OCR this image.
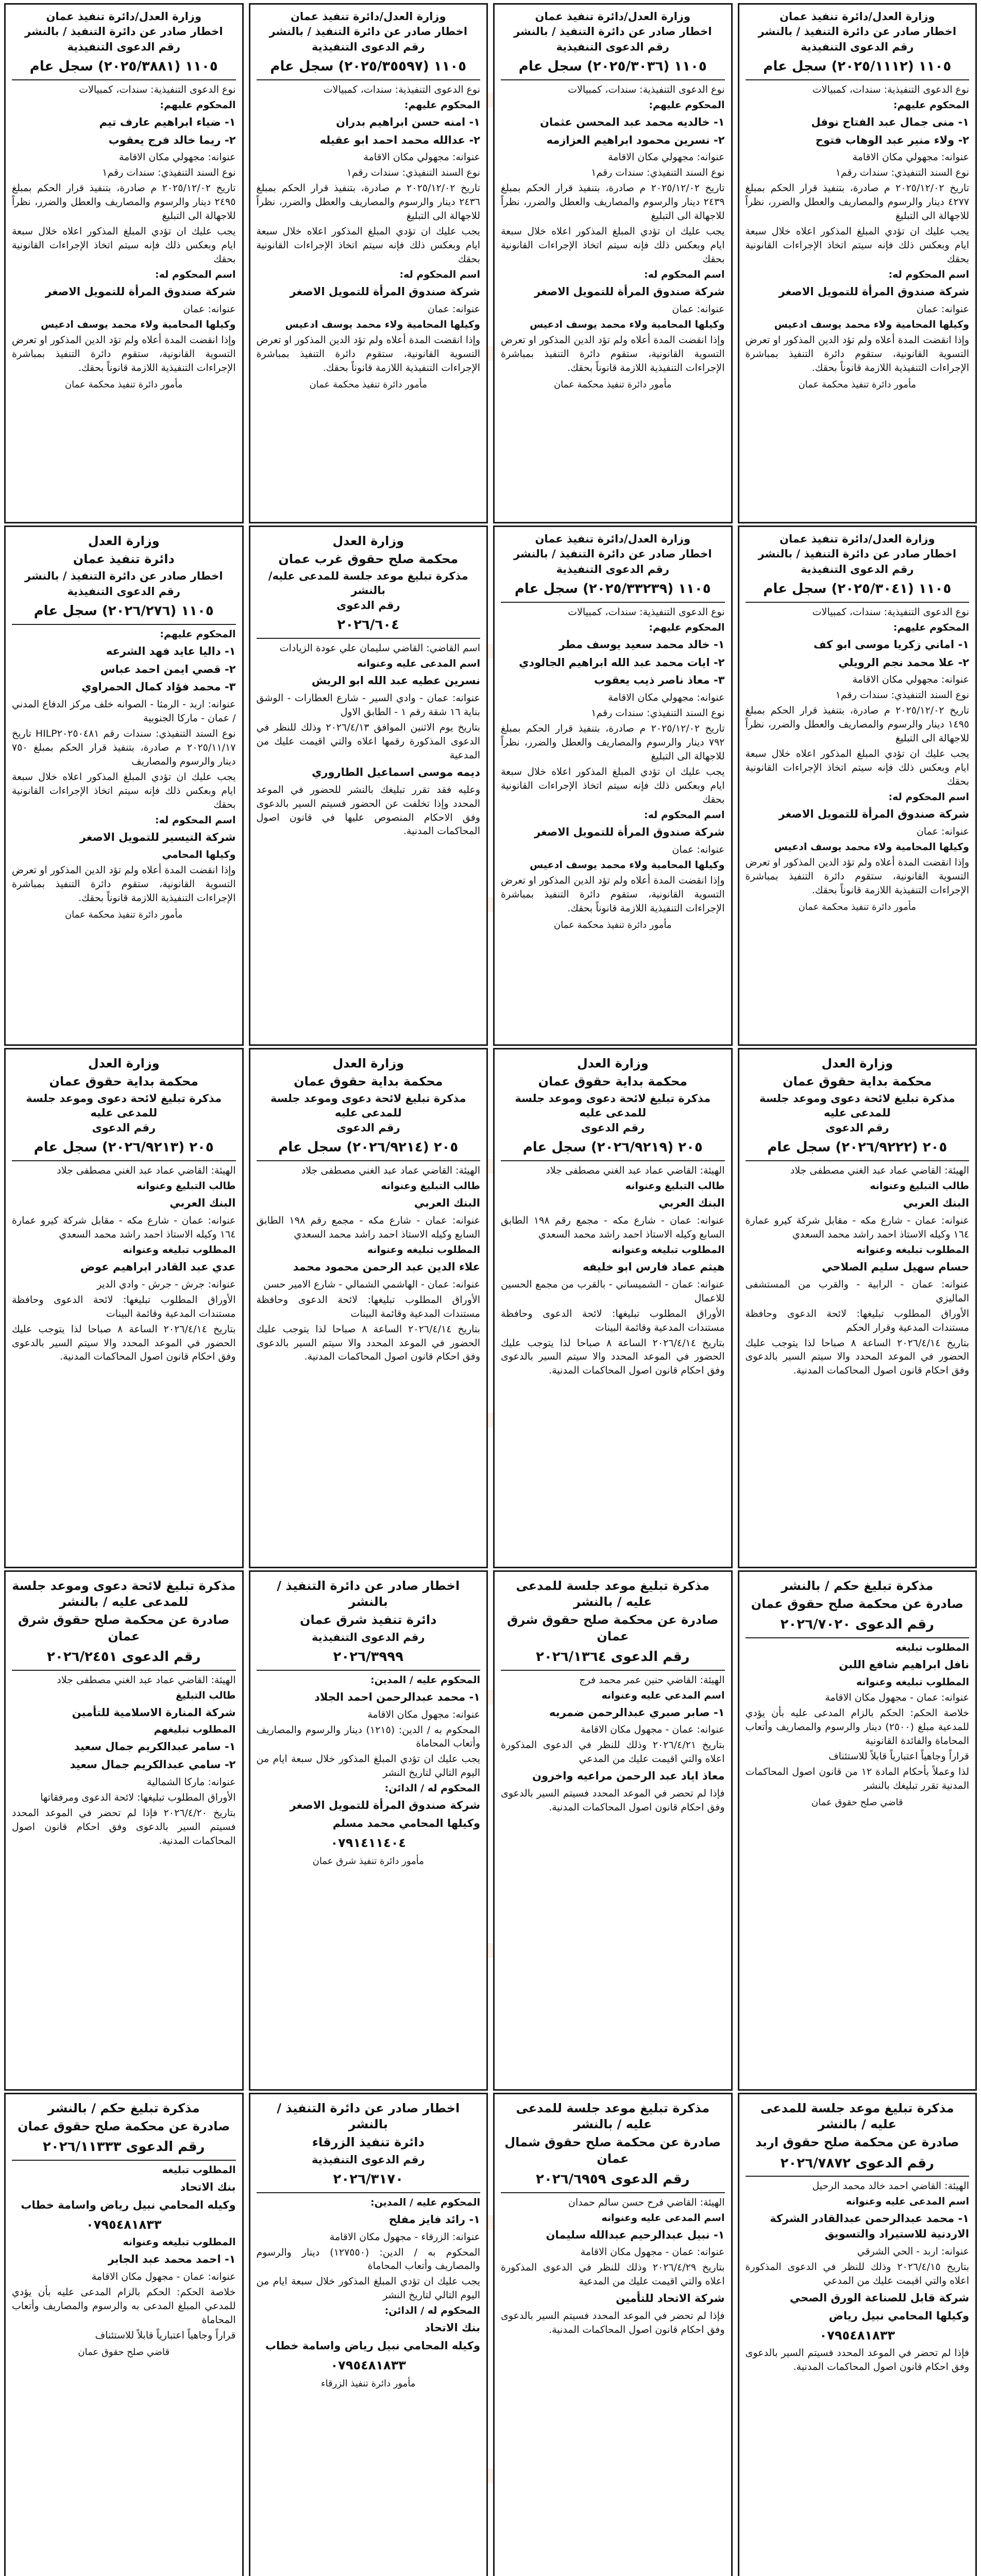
وزارة العدل/دائرة تنفيذ عمان
اخطار صادر عن دائرة التنفيذ / بالنشر
رقم الدعوى التنفيذية
١١٠٥ (٢٠٢٥/١١١٢) سجل عام
نوع الدعوى التنفيذية: سندات، كمبيالات
المحكوم عليهم:
١- منى جمال عبد الفتاح نوفل
٢- ولاء منير عبد الوهاب فتوح
عنوانه: مجهولي مكان الاقامة
نوع السند التنفيذي: سندات رقم١
تاريخ ٢٠٢٥/١٢/٠٢ م صادرة، بتنفيذ قرار الحكم بمبلغ ٤٢٧٧ دينار والرسوم والمصاريف والعطل والضرر، نظراً للاجهالة الى التبليغ
يجب عليك ان تؤدي المبلغ المذكور اعلاه خلال سبعة ايام وبعكس ذلك فإنه سيتم اتخاذ الإجراءات القانونية بحقك
اسم المحكوم له:
شركة صندوق المرأة للتمويل الاصغر
عنوانه: عمان
وكيلها المحامية ولاء محمد يوسف ادعيس
وإذا انقضت المدة أعلاه ولم تؤد الدين المذكور او تعرض التسوية القانونية، ستقوم دائرة التنفيذ بمباشرة الإجراءات التنفيذية اللازمة قانوناً بحقك.
مأمور دائرة تنفيذ محكمة عمان
وزارة العدل/دائرة تنفيذ عمان
اخطار صادر عن دائرة التنفيذ / بالنشر
رقم الدعوى التنفيذية
١١٠٥ (٢٠٢٥/٣٠٣٦) سجل عام
نوع الدعوى التنفيذية: سندات، كمبيالات
المحكوم عليهم:
١- خالديه محمد عبد المحسن عثمان
٢- نسرين محمود ابراهيم العزازمه
عنوانه: مجهولي مكان الاقامة
نوع السند التنفيذي: سندات رقم١
تاريخ ٢٠٢٥/١٢/٠٢ م صادرة، بتنفيذ قرار الحكم بمبلغ ٢٤٣٩ دينار والرسوم والمصاريف والعطل والضرر، نظراً للاجهالة الى التبليغ
يجب عليك ان تؤدي المبلغ المذكور اعلاه خلال سبعة ايام وبعكس ذلك فإنه سيتم اتخاذ الإجراءات القانونية بحقك
اسم المحكوم له:
شركة صندوق المرأة للتمويل الاصغر
عنوانه: عمان
وكيلها المحامية ولاء محمد يوسف ادعيس
وإذا انقضت المدة أعلاه ولم تؤد الدين المذكور او تعرض التسوية القانونية، ستقوم دائرة التنفيذ بمباشرة الإجراءات التنفيذية اللازمة قانوناً بحقك.
مأمور دائرة تنفيذ محكمة عمان
وزارة العدل/دائرة تنفيذ عمان
اخطار صادر عن دائرة التنفيذ / بالنشر
رقم الدعوى التنفيذية
١١٠٥ (٢٠٢٥/٣٥٥٩٧) سجل عام
نوع الدعوى التنفيذية: سندات، كمبيالات
المحكوم عليهم:
١- امنه حسن ابراهيم بدران
٢- عدالله محمد احمد ابو عقيله
عنوانه: مجهولي مكان الاقامة
نوع السند التنفيذي: سندات رقم١
تاريخ ٢٠٢٥/١٢/٠٢ م صادرة، بتنفيذ قرار الحكم بمبلغ ٢٤٣٦ دينار والرسوم والمصاريف والعطل والضرر، نظراً للاجهالة الى التبليغ
يجب عليك ان تؤدي المبلغ المذكور اعلاه خلال سبعة ايام وبعكس ذلك فإنه سيتم اتخاذ الإجراءات القانونية بحقك
اسم المحكوم له:
شركة صندوق المرأة للتمويل الاصغر
عنوانه: عمان
وكيلها المحامية ولاء محمد يوسف ادعيس
وإذا انقضت المدة أعلاه ولم تؤد الدين المذكور او تعرض التسوية القانونية، ستقوم دائرة التنفيذ بمباشرة الإجراءات التنفيذية اللازمة قانوناً بحقك.
مأمور دائرة تنفيذ محكمة عمان
وزارة العدل/دائرة تنفيذ عمان
اخطار صادر عن دائرة التنفيذ / بالنشر
رقم الدعوى التنفيذية
١١٠٥ (٢٠٢٥/٣٨٨١) سجل عام
نوع الدعوى التنفيذية: سندات، كمبيالات
المحكوم عليهم:
١- ضياء ابراهيم عارف تيم
٢- ريما خالد فرج يعقوب
عنوانه: مجهولي مكان الاقامة
نوع السند التنفيذي: سندات رقم١
تاريخ ٢٠٢٥/١٢/٠٢ م صادرة، بتنفيذ قرار الحكم بمبلغ ٢٤٩٥ دينار والرسوم والمصاريف والعطل والضرر، نظراً للاجهالة الى التبليغ
يجب عليك ان تؤدي المبلغ المذكور اعلاه خلال سبعة ايام وبعكس ذلك فإنه سيتم اتخاذ الإجراءات القانونية بحقك
اسم المحكوم له:
شركة صندوق المرأة للتمويل الاصغر
عنوانه: عمان
وكيلها المحامية ولاء محمد يوسف ادعيس
وإذا انقضت المدة أعلاه ولم تؤد الدين المذكور او تعرض التسوية القانونية، ستقوم دائرة التنفيذ بمباشرة الإجراءات التنفيذية اللازمة قانوناً بحقك.
مأمور دائرة تنفيذ محكمة عمان
وزارة العدل/دائرة تنفيذ عمان
اخطار صادر عن دائرة التنفيذ / بالنشر
رقم الدعوى التنفيذية
١١٠٥ (٢٠٢٥/٣٠٤١) سجل عام
نوع الدعوى التنفيذية: سندات، كمبيالات
المحكوم عليهم:
١- اماني زكريا موسى ابو كف
٢- علا محمد نجم الرويلي
عنوانه: مجهولي مكان الاقامة
نوع السند التنفيذي: سندات رقم١
تاريخ ٢٠٢٥/١٢/٠٢ م صادرة، بتنفيذ قرار الحكم بمبلغ ١٤٩٥ دينار والرسوم والمصاريف والعطل والضرر، نظراً للاجهالة الى التبليغ
يجب عليك ان تؤدي المبلغ المذكور اعلاه خلال سبعة ايام وبعكس ذلك فإنه سيتم اتخاذ الإجراءات القانونية بحقك
اسم المحكوم له:
شركة صندوق المرأة للتمويل الاصغر
عنوانه: عمان
وكيلها المحامية ولاء محمد يوسف ادعيس
وإذا انقضت المدة أعلاه ولم تؤد الدين المذكور او تعرض التسوية القانونية، ستقوم دائرة التنفيذ بمباشرة الإجراءات التنفيذية اللازمة قانوناً بحقك.
مأمور دائرة تنفيذ محكمة عمان
وزارة العدل/دائرة تنفيذ عمان
اخطار صادر عن دائرة التنفيذ / بالنشر
رقم الدعوى التنفيذية
١١٠٥ (٢٠٢٥/٣٣٢٣٩) سجل عام
نوع الدعوى التنفيذية: سندات، كمبيالات
المحكوم عليهم:
١- خالد محمد سعيد يوسف مطر
٢- ايات محمد عبد الله ابراهيم الجالودي
٣- معاذ ناصر ذيب يعقوب
عنوانه: مجهولي مكان الاقامة
نوع السند التنفيذي: سندات رقم١
تاريخ ٢٠٢٥/١٢/٠٢ م صادرة، بتنفيذ قرار الحكم بمبلغ ٧٩٢ دينار والرسوم والمصاريف والعطل والضرر، نظراً للاجهالة الى التبليغ
يجب عليك ان تؤدي المبلغ المذكور اعلاه خلال سبعة ايام وبعكس ذلك فإنه سيتم اتخاذ الإجراءات القانونية بحقك
اسم المحكوم له:
شركة صندوق المرأة للتمويل الاصغر
عنوانه: عمان
وكيلها المحامية ولاء محمد يوسف ادعيس
وإذا انقضت المدة أعلاه ولم تؤد الدين المذكور او تعرض التسوية القانونية، ستقوم دائرة التنفيذ بمباشرة الإجراءات التنفيذية اللازمة قانوناً بحقك.
مأمور دائرة تنفيذ محكمة عمان
وزارة العدل
محكمة صلح حقوق غرب عمان
مذكرة تبليغ موعد جلسة للمدعى عليه/بالنشر
رقم الدعوى
٢٠٢٦/٦٠٤
اسم القاضي: القاضي سليمان علي عودة الزيادات
اسم المدعى عليه وعنوانه
نسرين عطيه عبد الله ابو الريش
عنوانه: عمان - وادي السير - شارع العطارات - الوشق بناية ١٦ شقة رقم ١ - الطابق الاول
بتاريخ يوم الاثنين الموافق ٢٠٢٦/٤/١٣ وذلك للنظر في الدعوى المذكورة رقمها اعلاه والتي اقيمت عليك من المدعية
ديمه موسى اسماعيل الطاروري
وعليه فقد تقرر تبليغك بالنشر للحضور في الموعد المحدد وإذا تخلفت عن الحضور فسيتم السير بالدعوى وفق الاحكام المنصوص عليها في قانون اصول المحاكمات المدنية.
وزارة العدل
دائرة تنفيذ عمان
اخطار صادر عن دائرة التنفيذ / بالنشر
رقم الدعوى التنفيذية
١١٠٥ (٢٠٢٦/٢٧٦) سجل عام
المحكوم عليهم:
١- داليا عايد فهد الشرعه
٢- قصي ايمن احمد عباس
٣- محمد فؤاد كمال الحمراوي
عنوانه: اربد - الرمثا - الصوانه خلف مركز الدفاع المدني / عمان - ماركا الجنوبية
نوع السند التنفيذي: سندات رقم HILP٢٠٢٥٠٤٨١ تاريخ ٢٠٢٥/١١/١٧ م صادرة، بتنفيذ قرار الحكم بمبلغ ٧٥٠ دينار والرسوم والمصاريف
يجب عليك ان تؤدي المبلغ المذكور اعلاه خلال سبعة ايام وبعكس ذلك فإنه سيتم اتخاذ الإجراءات القانونية بحقك
اسم المحكوم له:
شركة التيسير للتمويل الاصغر
وكيلها المحامي
وإذا انقضت المدة أعلاه ولم تؤد الدين المذكور او تعرض التسوية القانونية، ستقوم دائرة التنفيذ بمباشرة الإجراءات التنفيذية اللازمة قانوناً بحقك.
مأمور دائرة تنفيذ محكمة عمان
وزارة العدل
محكمة بداية حقوق عمان
مذكرة تبليغ لائحة دعوى وموعد جلسة للمدعى عليه
رقم الدعوى
٢٠٥ (٢٠٢٦/٩٢٢٢) سجل عام
الهيئة: القاضي عماد عبد الغني مصطفى جلاد
طالب التبليغ وعنوانه
البنك العربي
عنوانه: عمان - شارع مكه - مقابل شركة كيرو عمارة ١٦٤ وكيله الاستاذ احمد راشد محمد السعدي
المطلوب تبليغه وعنوانه
حسام سهيل سليم الصلاحي
عنوانه: عمان - الرابية - والقرب من المستشفى الماليزي
الأوراق المطلوب تبليغها: لائحة الدعوى وحافظة مستندات المدعية وقرار الحكم
بتاريخ ٢٠٢٦/٤/١٤ الساعة ٨ صباحا لذا يتوجب عليك الحضور في الموعد المحدد والا سيتم السير بالدعوى وفق احكام قانون اصول المحاكمات المدنية.
وزارة العدل
محكمة بداية حقوق عمان
مذكرة تبليغ لائحة دعوى وموعد جلسة للمدعى عليه
رقم الدعوى
٢٠٥ (٢٠٢٦/٩٢١٩) سجل عام
الهيئة: القاضي عماد عبد الغني مصطفى جلاد
طالب التبليغ وعنوانه
البنك العربي
عنوانه: عمان - شارع مكه - مجمع رقم ١٩٨ الطابق السابع وكيله الاستاذ احمد راشد محمد السعدي
المطلوب تبليغه وعنوانه
هيثم عماد فارس ابو خليفه
عنوانه: عمان - الشميساني - بالقرب من مجمع الحسين للاعمال
الأوراق المطلوب تبليغها: لائحة الدعوى وحافظة مستندات المدعية وقائمة البينات
بتاريخ ٢٠٢٦/٤/١٤ الساعة ٨ صباحا لذا يتوجب عليك الحضور في الموعد المحدد والا سيتم السير بالدعوى وفق احكام قانون اصول المحاكمات المدنية.
وزارة العدل
محكمة بداية حقوق عمان
مذكرة تبليغ لائحة دعوى وموعد جلسة للمدعى عليه
رقم الدعوى
٢٠٥ (٢٠٢٦/٩٢١٤) سجل عام
الهيئة: القاضي عماد عبد الغني مصطفى جلاد
طالب التبليغ وعنوانه
البنك العربي
عنوانه: عمان - شارع مكه - مجمع رقم ١٩٨ الطابق السابع وكيله الاستاذ احمد راشد محمد السعدي
المطلوب تبليغه وعنوانه
علاء الدين عبد الرحمن محمود محمد
عنوانه: عمان - الهاشمي الشمالي - شارع الامير حسن
الأوراق المطلوب تبليغها: لائحة الدعوى وحافظة مستندات المدعية وقائمة البينات
بتاريخ ٢٠٢٦/٤/١٤ الساعة ٨ صباحا لذا يتوجب عليك الحضور في الموعد المحدد والا سيتم السير بالدعوى وفق احكام قانون اصول المحاكمات المدنية.
وزارة العدل
محكمة بداية حقوق عمان
مذكرة تبليغ لائحة دعوى وموعد جلسة للمدعى عليه
رقم الدعوى
٢٠٥ (٢٠٢٦/٩٢١٣) سجل عام
الهيئة: القاضي عماد عبد الغني مصطفى جلاد
طالب التبليغ وعنوانه
البنك العربي
عنوانه: عمان - شارع مكه - مقابل شركة كيرو عمارة ١٦٤ وكيله الاستاذ احمد راشد محمد السعدي
المطلوب تبليغه وعنوانه
عدي عبد القادر ابراهيم عوض
عنوانه: جرش - جرش - وادي الدير
الأوراق المطلوب تبليغها: لائحة الدعوى وحافظة مستندات المدعية وقائمة البينات
بتاريخ ٢٠٢٦/٤/١٤ الساعة ٨ صباحا لذا يتوجب عليك الحضور في الموعد المحدد والا سيتم السير بالدعوى وفق احكام قانون اصول المحاكمات المدنية.
مذكرة تبليغ حكم / بالنشر
صادرة عن محكمة صلح حقوق عمان
رقم الدعوى ٢٠٢٦/٧٠٢٠
المطلوب تبليغه
نافل ابراهيم شافع اللبن
المطلوب تبليغه وعنوانه
عنوانه: عمان - مجهول مكان الاقامة
خلاصة الحكم: الحكم بالزام المدعى عليه بأن يؤدي للمدعية مبلغ (٢٥٠٠) دينار والرسوم والمصاريف وأتعاب المحاماة والفائدة القانونية
قراراً وجاهياً اعتبارياً قابلاً للاستئناف
لذا وعملاً بأحكام المادة ١٢ من قانون اصول المحاكمات المدنية تقرر تبليغك بالنشر
قاضي صلح حقوق عمان
مذكرة تبليغ موعد جلسة للمدعى عليه / بالنشر
صادرة عن محكمة صلح حقوق شرق عمان
رقم الدعوى ٢٠٢٦/١٣٦٤
الهيئة: القاضي حنين عمر محمد فرج
اسم المدعي عليه وعنوانه
١- صابر صبري عبدالرحمن ضمريه
عنوانه: عمان - مجهول مكان الاقامة
بتاريخ ٢٠٢٦/٤/٢١ وذلك للنظر في الدعوى المذكورة اعلاه والتي اقيمت عليك من المدعي
معاذ اياد عبد الرحمن مراعيه واخرون
فإذا لم تحضر في الموعد المحدد فسيتم السير بالدعوى وفق احكام قانون اصول المحاكمات المدنية.
اخطار صادر عن دائرة التنفيذ / بالنشر
دائرة تنفيذ شرق عمان
رقم الدعوى التنفيذية
٢٠٢٦/٣٩٩٩
المحكوم عليه / المدين:
١- محمد عبدالرحمن احمد الجلاد
عنوانه: مجهول مكان الاقامة
المحكوم به / الدين: (١٢١٥) دينار والرسوم والمصاريف وأتعاب المحاماة
يجب عليك ان تؤدي المبلغ المذكور خلال سبعة ايام من اليوم التالي لتاريخ النشر
المحكوم له / الدائن:
شركة صندوق المرأة للتمويل الاصغر
وكيلها المحامي محمد مسلم
٠٧٩١٤١١٤٠٤
مأمور دائرة تنفيذ شرق عمان
مذكرة تبليغ لائحة دعوى وموعد جلسة للمدعى عليه / بالنشر
صادرة عن محكمة صلح حقوق شرق عمان
رقم الدعوى ٢٠٢٦/٢٤٥١
الهيئة: القاضي عماد عبد الغني مصطفى جلاد
طالب التبليغ
شركة المنارة الاسلامية للتأمين
المطلوب تبليغهم
١- سامر عبدالكريم جمال سعيد
٢- سامي عبدالكريم جمال سعيد
عنوانه: ماركا الشمالية
الأوراق المطلوب تبليغها: لائحة الدعوى ومرفقاتها
بتاريخ ٢٠٢٦/٤/٢٠ فإذا لم تحضر في الموعد المحدد فسيتم السير بالدعوى وفق احكام قانون اصول المحاكمات المدنية.
مذكرة تبليغ موعد جلسة للمدعى عليه / بالنشر
صادرة عن محكمة صلح حقوق اربد
رقم الدعوى ٢٠٢٦/٧٨٧٢
الهيئة: القاضي احمد خالد محمد الرحيل
اسم المدعى عليه وعنوانه
١- محمد عبدالرحمن عبدالقادر الشركة الاردنية للاستيراد والتسويق
عنوانه: اربد - الحي الشرقي
بتاريخ ٢٠٢٦/٤/١٥ وذلك للنظر في الدعوى المذكورة اعلاه والتي اقيمت عليك من المدعي
شركة قابل للصناعة الورق الصحي
وكيلها المحامي نبيل رياض
٠٧٩٥٤٨١٨٣٣
فإذا لم تحضر في الموعد المحدد فسيتم السير بالدعوى وفق احكام قانون اصول المحاكمات المدنية.
مذكرة تبليغ موعد جلسة للمدعى عليه / بالنشر
صادرة عن محكمة صلح حقوق شمال عمان
رقم الدعوى ٢٠٢٦/٦٩٥٩
الهيئة: القاضي فرح حسن سالم حمدان
اسم المدعى عليه وعنوانه
١- نبيل عبدالرحيم عبدالله سليمان
عنوانه: عمان - مجهول مكان الاقامة
بتاريخ ٢٠٢٦/٤/٢٩ وذلك للنظر في الدعوى المذكورة اعلاه والتي اقيمت عليك من المدعية
شركة الاتحاد للتأمين
فإذا لم تحضر في الموعد المحدد فسيتم السير بالدعوى وفق احكام قانون اصول المحاكمات المدنية.
اخطار صادر عن دائرة التنفيذ / بالنشر
دائرة تنفيذ الزرقاء
رقم الدعوى التنفيذية
٢٠٢٦/٣١٧٠
المحكوم عليه / المدين:
١- رائد فايز مفلح
عنوانه: الزرقاء - مجهول مكان الاقامة
المحكوم به / الدين: (١٢٧٥٥٠) دينار والرسوم والمصاريف وأتعاب المحاماة
يجب عليك ان تؤدي المبلغ المذكور خلال سبعة ايام من اليوم التالي لتاريخ النشر
المحكوم له / الدائن:
بنك الاتحاد
وكيله المحامي نبيل رياض واسامة خطاب
٠٧٩٥٤٨١٨٣٣
مأمور دائرة تنفيذ الزرقاء
مذكرة تبليغ حكم / بالنشر
صادرة عن محكمة صلح حقوق عمان
رقم الدعوى ٢٠٢٦/١١٣٣٣
المطلوب تبليغه
بنك الاتحاد
وكيله المحامي نبيل رياض واسامة خطاب
٠٧٩٥٤٨١٨٣٣
المطلوب تبليغه وعنوانه
١- احمد محمد عبد الجابر
عنوانه: عمان - مجهول مكان الاقامة
خلاصة الحكم: الحكم بالزام المدعى عليه بأن يؤدي للمدعي المبلغ المدعى به والرسوم والمصاريف وأتعاب المحاماة
قراراً وجاهياً اعتبارياً قابلاً للاستئناف
قاضي صلح حقوق عمان
